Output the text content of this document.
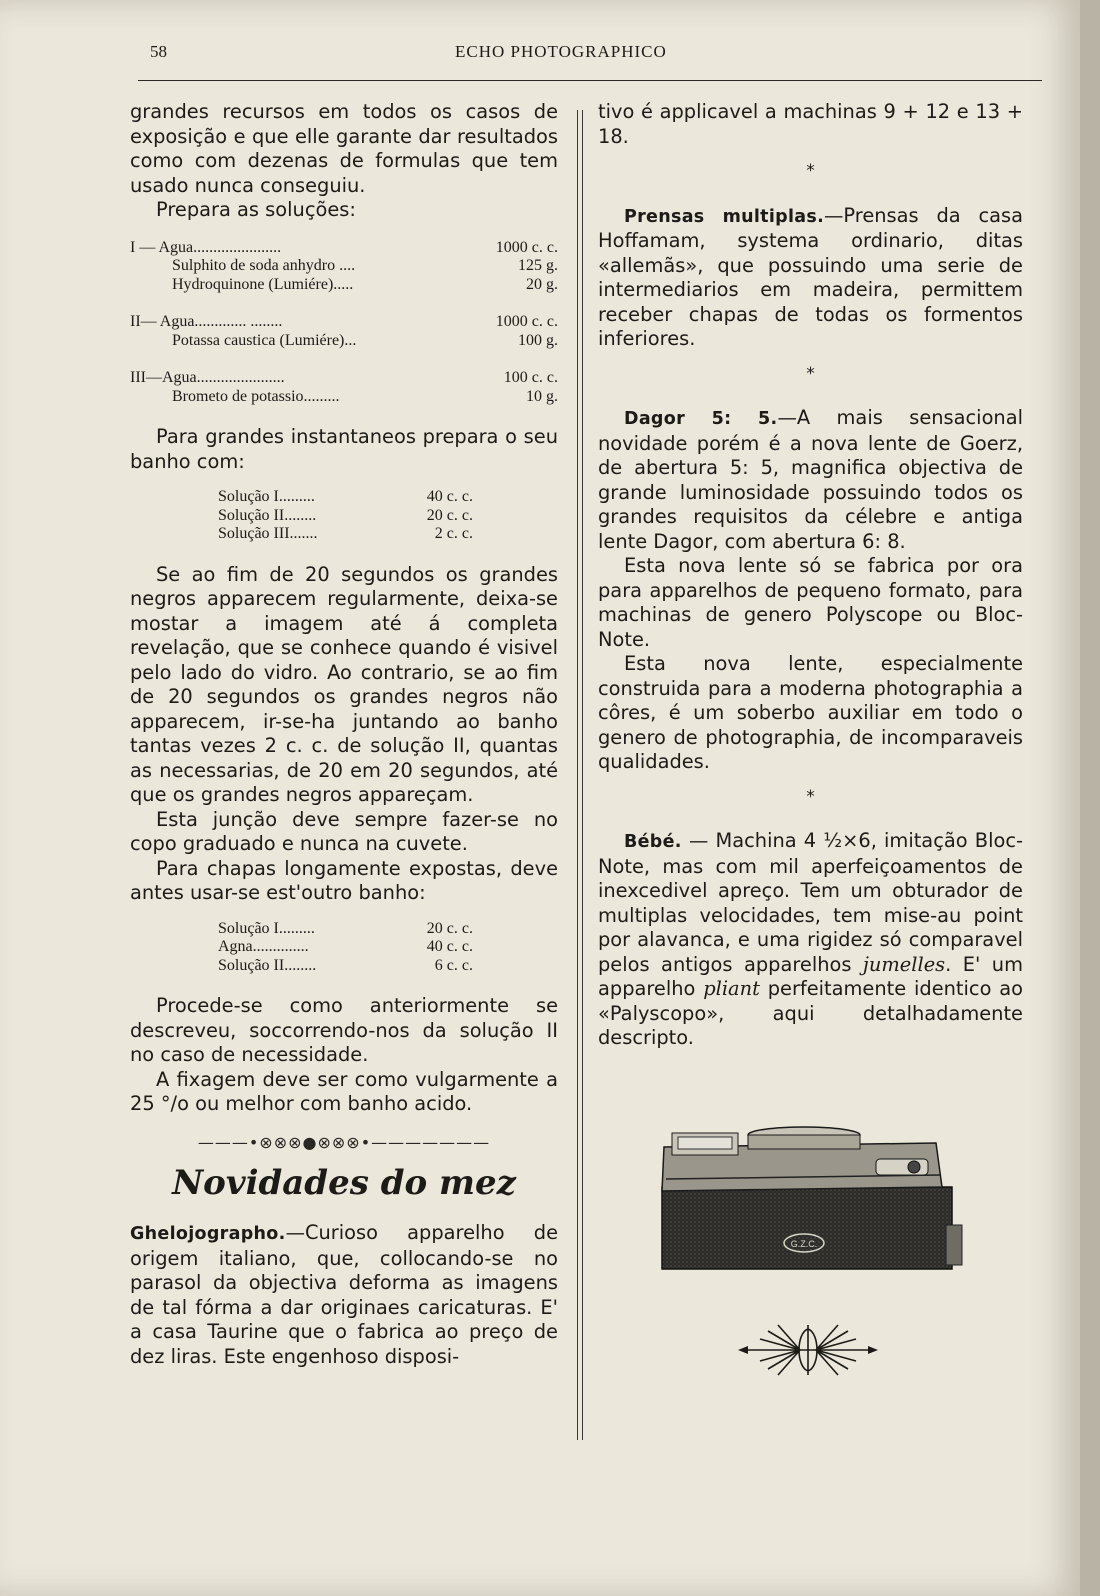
58	ECHO PHOTOGRAPHICO

grandes recursos em todos os casos de exposição e que elle garante dar resultados como com dezenas de formulas que tem usado nunca conseguiu.

Prepara as soluções:

I — Agua......................	1000 c. c.
Sulphito de soda anhydro ....	125 g.
Hydroquinone (Lumiére).....	20 g.
II— Agua............. ........	1000 c. c.
Potassa caustica (Lumiére)...	100 g.
III—Agua......................	100 c. c.
Brometo de potassio.........	10 g.

Para grandes instantaneos prepara o seu banho com:

Solução I.........	40 c. c.
Solução II........	20 c. c.
Solução III.......	2 c. c.

Se ao fim de 20 segundos os grandes negros apparecem regularmente, deixa-se mostar a imagem até á completa revelação, que se conhece quando é visivel pelo lado do vidro. Ao contrario, se ao fim de 20 segundos os grandes negros não apparecem, ir-se-ha juntando ao banho tantas vezes 2 c. c. de solução II, quantas as necessarias, de 20 em 20 segundos, até que os grandes negros appareçam.

Esta junção deve sempre fazer-se no copo graduado e nunca na cuvete.

Para chapas longamente expostas, deve antes usar-se est'outro banho:

Solução I.........	20 c. c.
Agna..............	40 c. c.
Solução II........	6 c. c.

Procede-se como anteriormente se descreveu, soccorrendo-nos da solução II no caso de necessidade.

A fixagem deve ser como vulgarmente a 25 °/o ou melhor com banho acido.

———•⊗⊗⊗●⊗⊗⊗•———————
Novidades do mez

Ghelojographo.—Curioso apparelho de origem italiano, que, collocando-se no parasol da objectiva deforma as imagens de tal fórma a dar originaes caricaturas. E' a casa Taurine que o fabrica ao preço de dez liras. Este engenhoso disposi-

tivo é applicavel a machinas 9 + 12 e 13 + 18.

*

Prensas multiplas.—Prensas da casa Hoffamam, systema ordinario, ditas «allemãs», que possuindo uma serie de intermediarios em madeira, permittem receber chapas de todas os formentos inferiores.

*

Dagor 5: 5.—A mais sensacional novidade porém é a nova lente de Goerz, de abertura 5: 5, magnifica objectiva de grande luminosidade possuindo todos os grandes requisitos da célebre e antiga lente Dagor, com abertura 6: 8.

Esta nova lente só se fabrica por ora para apparelhos de pequeno formato, para machinas de genero Polyscope ou Bloc-Note.

Esta nova lente, especialmente construida para a moderna photographia a côres, é um soberbo auxiliar em todo o genero de photographia, de incomparaveis qualidades.

*

Bébé. — Machina 4 ½×6, imitação Bloc-Note, mas com mil aperfeiçoamentos de inexcedivel apreço. Tem um obturador de multiplas velocidades, tem mise-au point por alavanca, e uma rigidez só comparavel pelos antigos apparelhos jumelles. E' um apparelho pliant perfeitamente identico ao «Palyscopo», aqui detalhadamente descripto.

G.Z.C.
